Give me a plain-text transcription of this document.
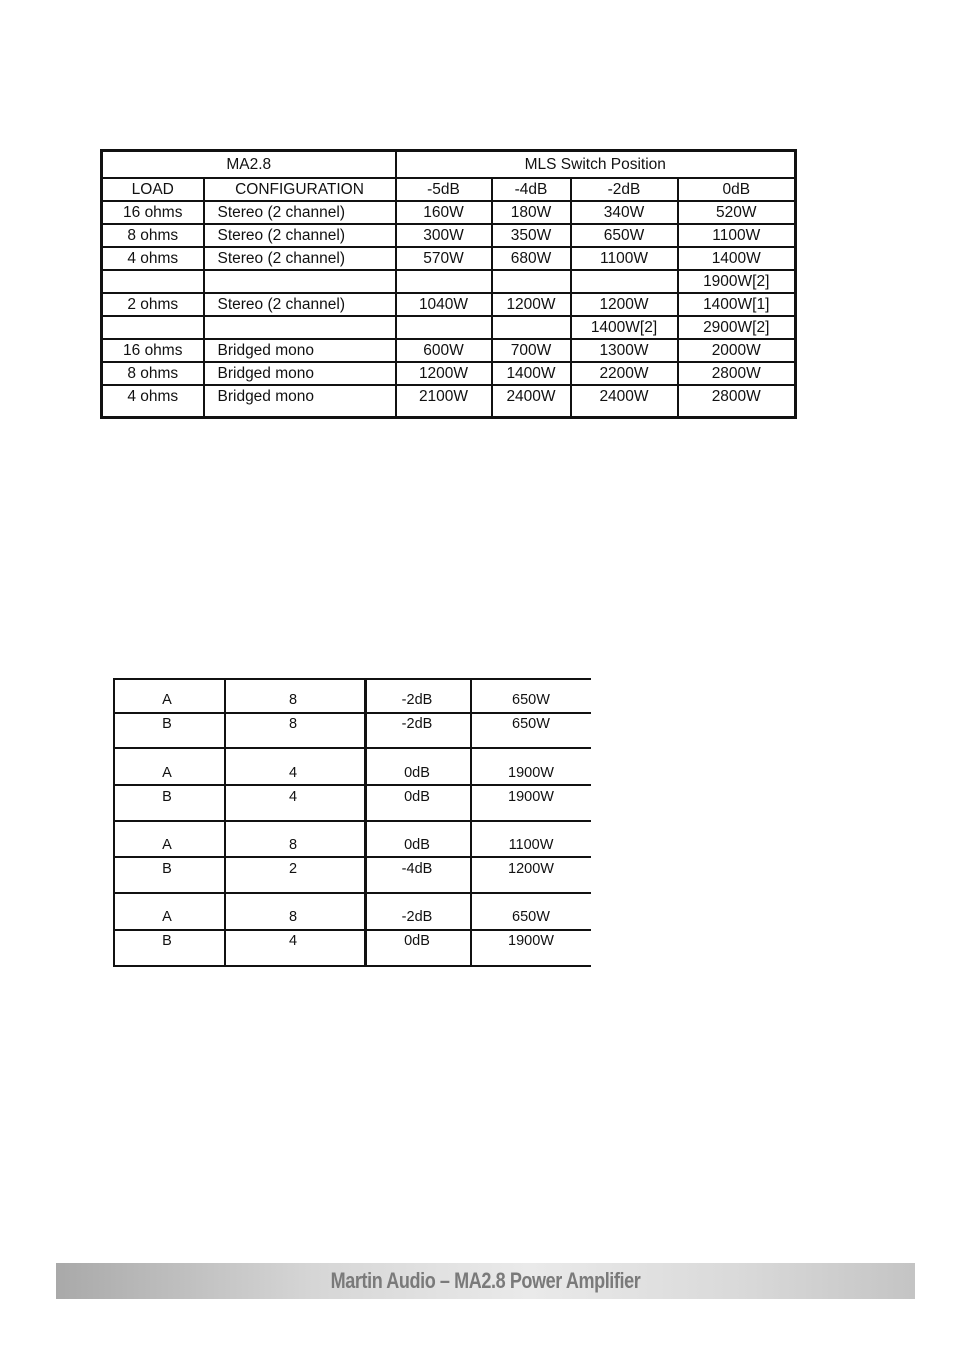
MA2.8		MLS Switch Position			
LOAD	CONFIGURATION	-5dB	-4dB	-2dB	0dB
16 ohms	Stereo (2 channel)	160W	180W	340W	520W
8 ohms	Stereo (2 channel)	300W	350W	650W	1100W
4 ohms	Stereo (2 channel)	570W	680W	1100W	1400W
					1900W[2]
2 ohms	Stereo (2 channel)	1040W	1200W	1200W	1400W[1]
				1400W[2]	2900W[2]
16 ohms	Bridged mono	600W	700W	1300W	2000W
8 ohms	Bridged mono	1200W	1400W	2200W	2800W
4 ohms	Bridged mono	2100W	2400W	2400W	2800W
A	8	-2dB	650W
B	8	-2dB	650W
A	4	0dB	1900W
B	4	0dB	1900W
A	8	0dB	1100W
B	2	-4dB	1200W
A	8	-2dB	650W
B	4	0dB	1900W
Martin Audio – MA2.8 Power Amplifier
